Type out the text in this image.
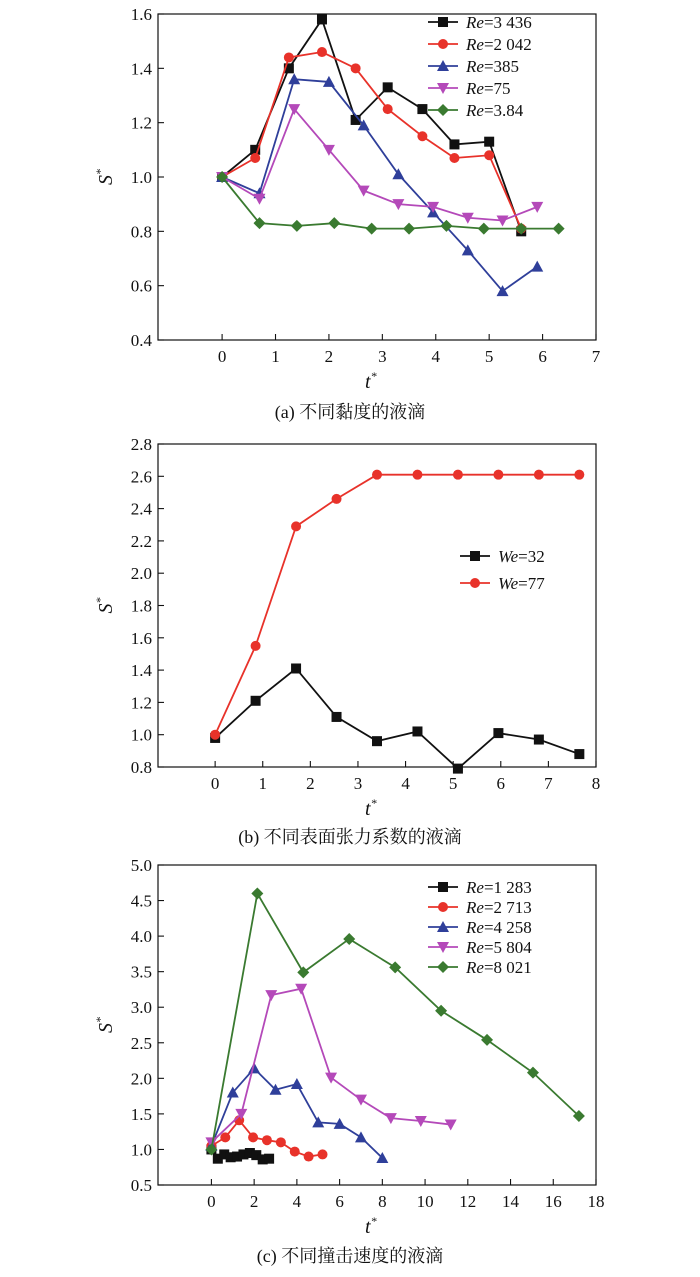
0	1	2	3	4	5	6	7
0.4
0.6
0.8
1.0
1.2
1.4
1.6	Re=3 436
Re=2 042
Re=385
Re=75
Re=3.84
S*
t*
(a) 不同黏度的液滴
0 1 2 3 4 5 6 7 8
0.8
1.0
1.2
1.4
1.6
1.8
2.0
2.2
2.4
2.6
2.8
We=32
We=77
S*
t*
(b) 不同表面张力系数的液滴
0 2 4 6 8 10 12 14 16 18
0.5
1.0
1.5
2.0
2.5
3.0
3.5
4.0
4.5
5.0
Re=1 283
Re=2 713
Re=4 258
Re=5 804
Re=8 021
S*
t*
(c) 不同撞击速度的液滴
